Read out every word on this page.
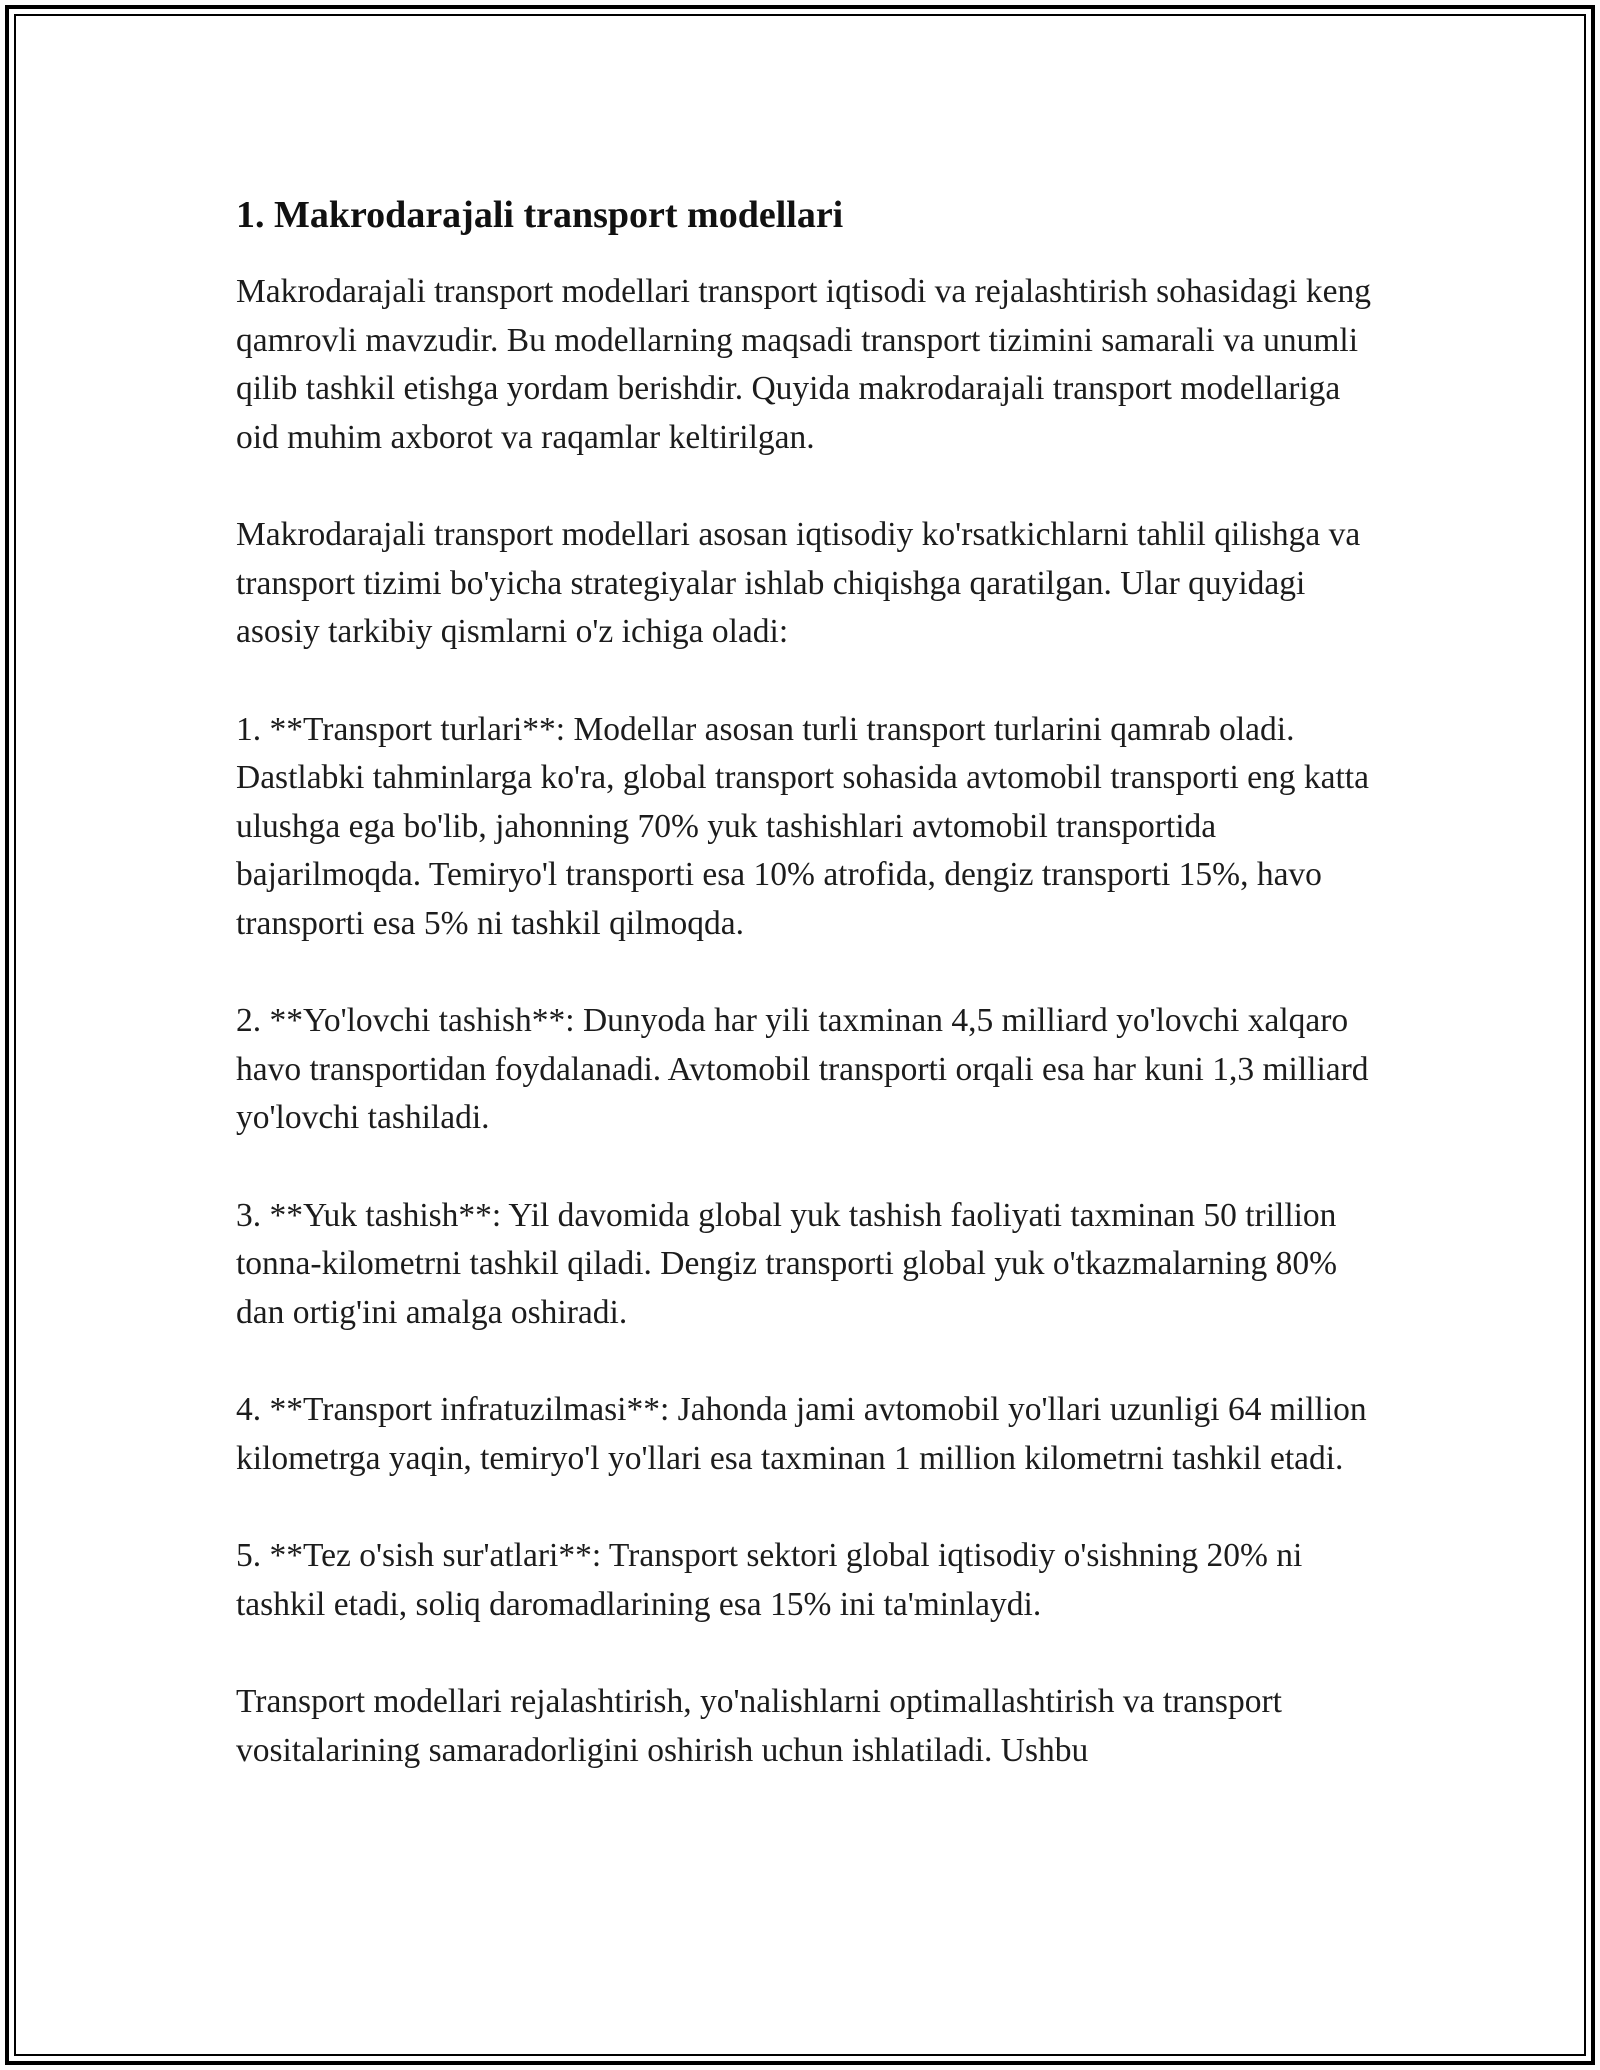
1. Makrodarajali transport modellari

Makrodarajali transport modellari transport iqtisodi va rejalashtirish sohasidagi keng qamrovli mavzudir. Bu modellarning maqsadi transport tizimini samarali va unumli qilib tashkil etishga yordam berishdir. Quyida makrodarajali transport modellariga oid muhim axborot va raqamlar keltirilgan.

Makrodarajali transport modellari asosan iqtisodiy ko'rsatkichlarni tahlil qilishga va transport tizimi bo'yicha strategiyalar ishlab chiqishga qaratilgan. Ular quyidagi asosiy tarkibiy qismlarni o'z ichiga oladi:

1. **Transport turlari**: Modellar asosan turli transport turlarini qamrab oladi. Dastlabki tahminlarga ko'ra, global transport sohasida avtomobil transporti eng katta ulushga ega bo'lib, jahonning 70% yuk tashishlari avtomobil transportida bajarilmoqda. Temiryo'l transporti esa 10% atrofida, dengiz transporti 15%, havo transporti esa 5% ni tashkil qilmoqda.

2. **Yo'lovchi tashish**: Dunyoda har yili taxminan 4,5 milliard yo'lovchi xalqaro havo transportidan foydalanadi. Avtomobil transporti orqali esa har kuni 1,3 milliard yo'lovchi tashiladi.

3. **Yuk tashish**: Yil davomida global yuk tashish faoliyati taxminan 50 trillion tonna-kilometrni tashkil qiladi. Dengiz transporti global yuk o'tkazmalarning 80% dan ortig'ini amalga oshiradi.

4. **Transport infratuzilmasi**: Jahonda jami avtomobil yo'llari uzunligi 64 million kilometrga yaqin, temiryo'l yo'llari esa taxminan 1 million kilometrni tashkil etadi.

5. **Tez o'sish sur'atlari**: Transport sektori global iqtisodiy o'sishning 20% ni tashkil etadi, soliq daromadlarining esa 15% ini ta'minlaydi.

Transport modellari rejalashtirish, yo'nalishlarni optimallashtirish va transport vositalarining samaradorligini oshirish uchun ishlatiladi. Ushbu
